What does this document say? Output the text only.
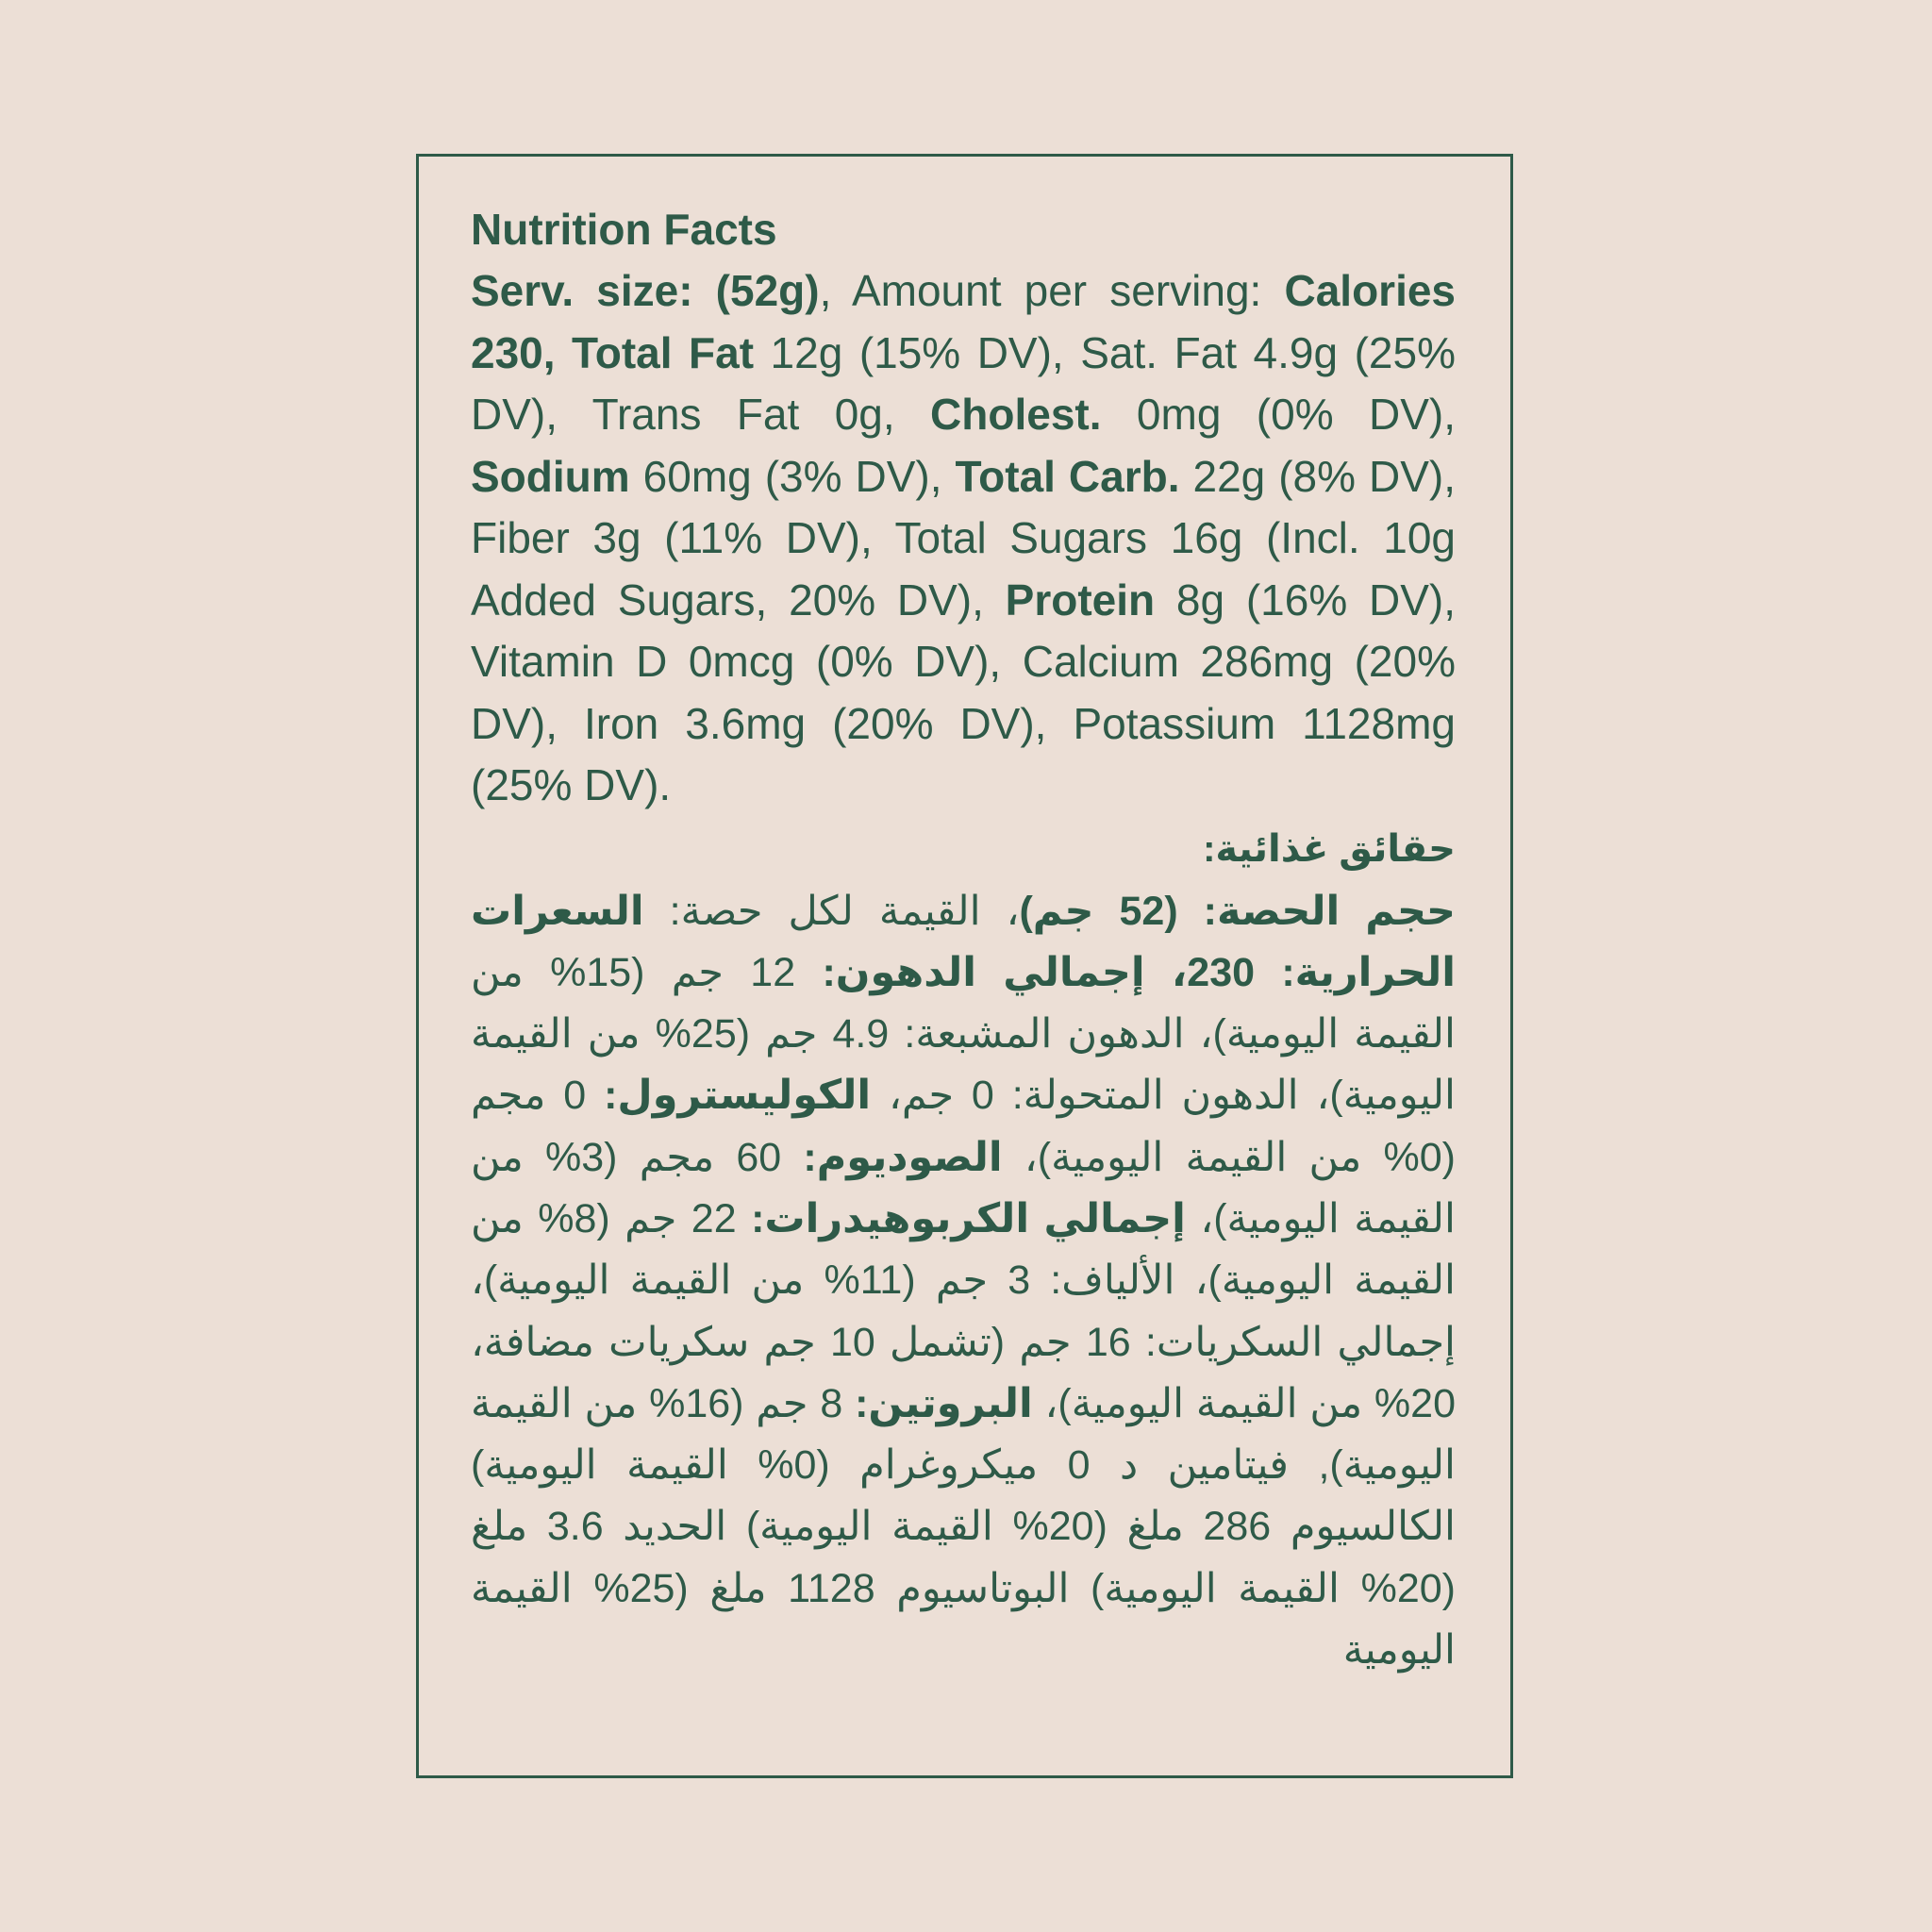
Nutrition Facts

Serv. size: (52g), Amount per serving: Calories 230, Total Fat 12g (15% DV), Sat. Fat 4.9g (25% DV), Trans Fat 0g, Cholest. 0mg (0% DV), Sodium 60mg (3% DV), Total Carb. 22g (8% DV), Fiber 3g (11% DV), Total Sugars 16g (Incl. 10g Added Sugars, 20% DV), Protein 8g (16% DV), Vitamin D 0mcg (0% DV), Calcium 286mg (20% DV), Iron 3.6mg (20% DV), Potassium 1128mg (25% DV).

حقائق غذائية:

حجم الحصة: (52 جم)، القيمة لكل حصة: السعرات الحرارية: 230، إجمالي الدهون: 12 جم (15% من القيمة اليومية)، الدهون المشبعة: 4.9 جم (25% من القيمة اليومية)، الدهون المتحولة: 0 جم، الكوليسترول: 0 مجم (0% من القيمة اليومية)، الصوديوم: 60 مجم (3% من القيمة اليومية)، إجمالي الكربوهيدرات: 22 جم (8% من القيمة اليومية)، الألياف: 3 جم (11% من القيمة اليومية)، إجمالي السكريات: 16 جم (تشمل 10 جم سكريات مضافة، 20% من القيمة اليومية)، البروتين: 8 جم (16% من القيمة اليومية), فيتامين د 0 ميكروغرام (0% القيمة اليومية) الكالسيوم 286 ملغ (20% القيمة اليومية) الحديد 3.6 ملغ (20% القيمة اليومية) البوتاسيوم 1128 ملغ (25% القيمة اليومية
